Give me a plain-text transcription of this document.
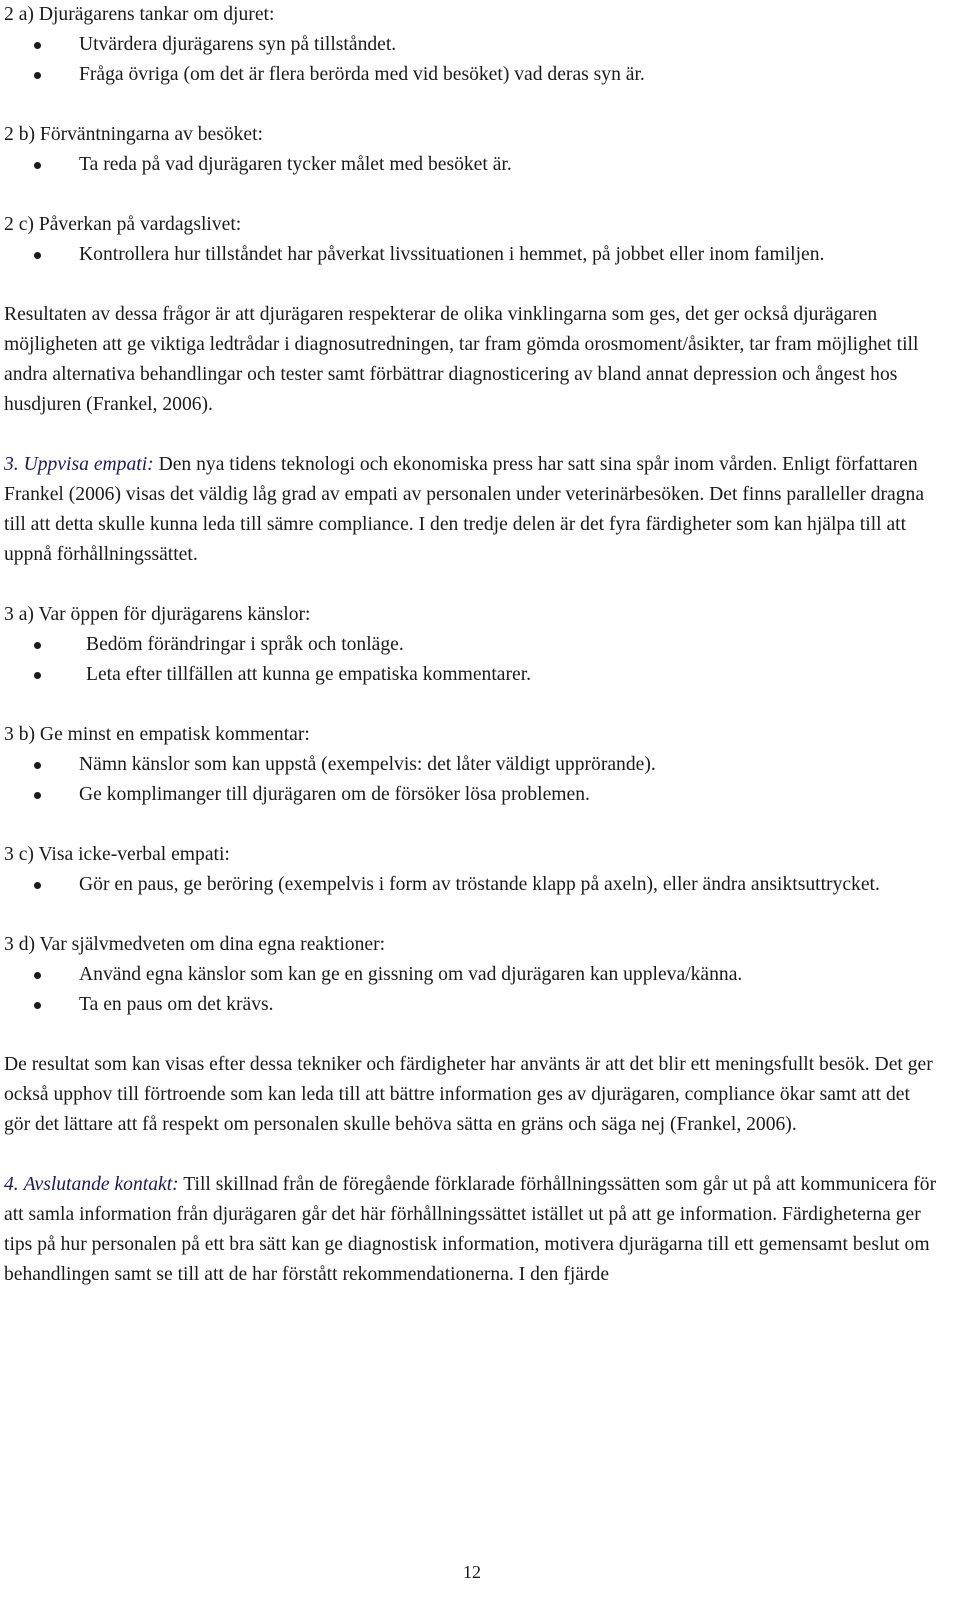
2 a) Djurägarens tankar om djuret:
Utvärdera djurägarens syn på tillståndet.
Fråga övriga (om det är flera berörda med vid besöket) vad deras syn är.
2 b) Förväntningarna av besöket:
Ta reda på vad djurägaren tycker målet med besöket är.
2 c) Påverkan på vardagslivet:
Kontrollera hur tillståndet har påverkat livssituationen i hemmet, på jobbet eller inom familjen.

Resultaten av dessa frågor är att djurägaren respekterar de olika vinklingarna som ges, det ger också djurägaren möjligheten att ge viktiga ledtrådar i diagnosutredningen, tar fram gömda orosmoment/åsikter, tar fram möjlighet till andra alternativa behandlingar och tester samt förbättrar diagnosticering av bland annat depression och ångest hos husdjuren (Frankel, 2006).

3. Uppvisa empati: Den nya tidens teknologi och ekonomiska press har satt sina spår inom vården. Enligt författaren Frankel (2006) visas det väldig låg grad av empati av personalen under veterinärbesöken. Det finns paralleller dragna till att detta skulle kunna leda till sämre compliance. I den tredje delen är det fyra färdigheter som kan hjälpa till att uppnå förhållningssättet.

3 a) Var öppen för djurägarens känslor:
Bedöm förändringar i språk och tonläge.
Leta efter tillfällen att kunna ge empatiska kommentarer.
3 b) Ge minst en empatisk kommentar:
Nämn känslor som kan uppstå (exempelvis: det låter väldigt upprörande).
Ge komplimanger till djurägaren om de försöker lösa problemen.
3 c) Visa icke-verbal empati:
Gör en paus, ge beröring (exempelvis i form av tröstande klapp på axeln), eller ändra ansiktsuttrycket.
3 d) Var självmedveten om dina egna reaktioner:
Använd egna känslor som kan ge en gissning om vad djurägaren kan uppleva/känna.
Ta en paus om det krävs.

De resultat som kan visas efter dessa tekniker och färdigheter har använts är att det blir ett meningsfullt besök. Det ger också upphov till förtroende som kan leda till att bättre information ges av djurägaren, compliance ökar samt att det gör det lättare att få respekt om personalen skulle behöva sätta en gräns och säga nej (Frankel, 2006).

4. Avslutande kontakt: Till skillnad från de föregående förklarade förhållningssätten som går ut på att kommunicera för att samla information från djurägaren går det här förhållningssättet istället ut på att ge information. Färdigheterna ger tips på hur personalen på ett bra sätt kan ge diagnostisk information, motivera djurägarna till ett gemensamt beslut om behandlingen samt se till att de har förstått rekommendationerna. I den fjärde

12
